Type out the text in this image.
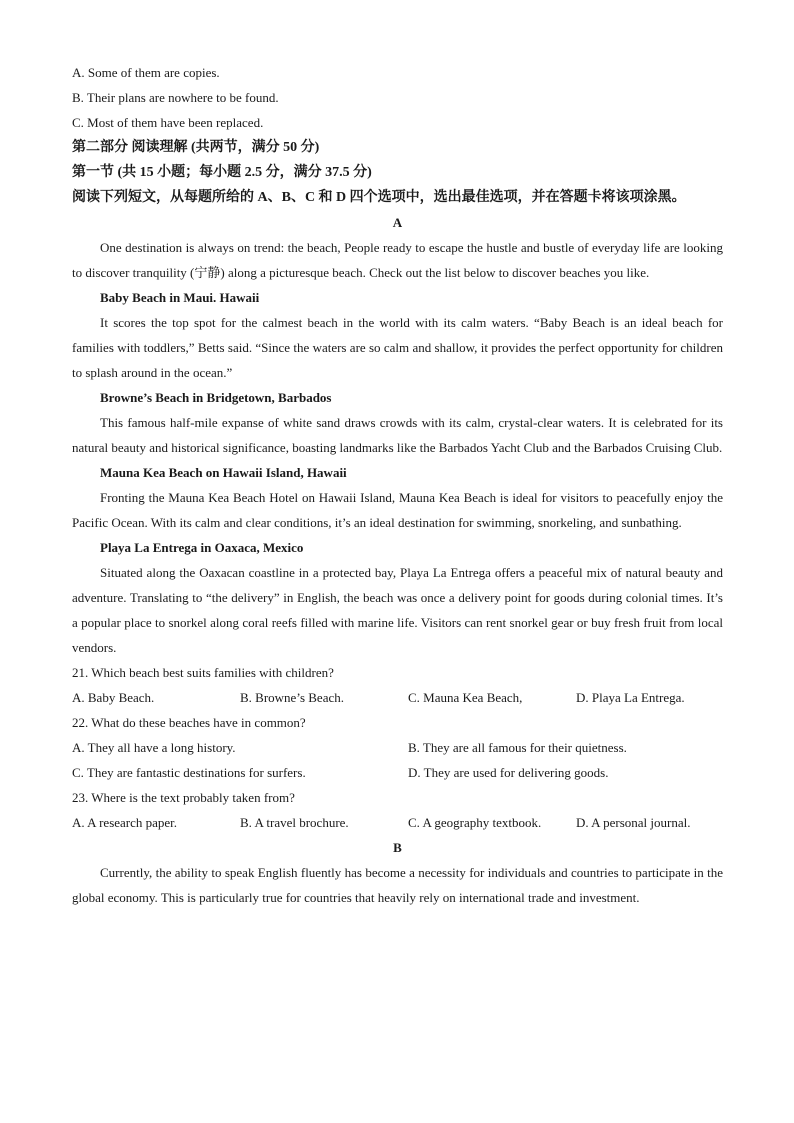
A. Some of them are copies.

B. Their plans are nowhere to be found.

C. Most of them have been replaced.

第二部分 阅读理解 (共两节，满分 50 分)

第一节 (共 15 小题；每小题 2.5 分，满分 37.5 分)

阅读下列短文，从每题所给的 A、B、C 和 D 四个选项中，选出最佳选项，并在答题卡将该项涂黑。

A

One destination is always on trend: the beach, People ready to escape the hustle and bustle of everyday life are looking to discover tranquility (宁静) along a picturesque beach. Check out the list below to discover beaches you like.

Baby Beach in Maui. Hawaii

It scores the top spot for the calmest beach in the world with its calm waters. “Baby Beach is an ideal beach for families with toddlers,” Betts said. “Since the waters are so calm and shallow, it provides the perfect opportunity for children to splash around in the ocean.”

Browne’s Beach in Bridgetown, Barbados

This famous half-mile expanse of white sand draws crowds with its calm, crystal-clear waters. It is celebrated for its natural beauty and historical significance, boasting landmarks like the Barbados Yacht Club and the Barbados Cruising Club.

Mauna Kea Beach on Hawaii Island, Hawaii

Fronting the Mauna Kea Beach Hotel on Hawaii Island, Mauna Kea Beach is ideal for visitors to peacefully enjoy the Pacific Ocean. With its calm and clear conditions, it’s an ideal destination for swimming, snorkeling, and sunbathing.

Playa La Entrega in Oaxaca, Mexico

Situated along the Oaxacan coastline in a protected bay, Playa La Entrega offers a peaceful mix of natural beauty and adventure. Translating to “the delivery” in English, the beach was once a delivery point for goods during colonial times. It’s a popular place to snorkel along coral reefs filled with marine life. Visitors can rent snorkel gear or buy fresh fruit from local vendors.

21. Which beach best suits families with children?

A. Baby Beach.	B. Browne’s Beach.	C. Mauna Kea Beach,	D. Playa La Entrega.

22. What do these beaches have in common?

A. They all have a long history.	B. They are all famous for their quietness.
C. They are fantastic destinations for surfers.	D. They are used for delivering goods.

23. Where is the text probably taken from?

A. A research paper.	B. A travel brochure.	C. A geography textbook.	D. A personal journal.

B

Currently, the ability to speak English fluently has become a necessity for individuals and countries to participate in the global economy. This is particularly true for countries that heavily rely on international trade and investment.
